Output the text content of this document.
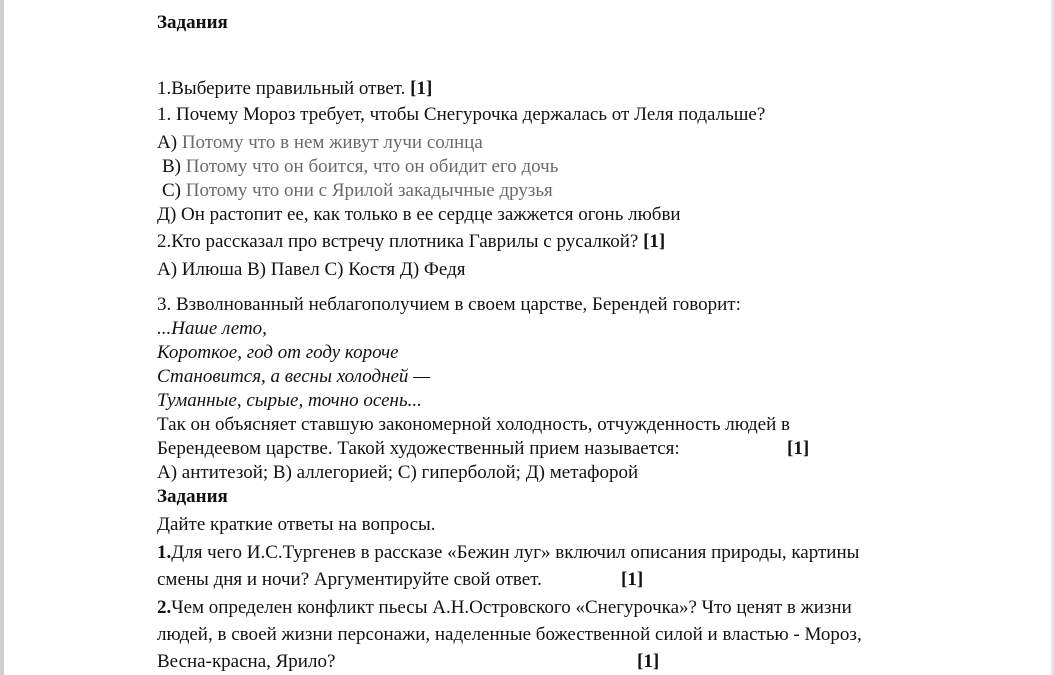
Задания
1.Выберите правильный ответ. [1]
1. Почему Мороз требует, чтобы Снегурочка держалась от Леля подальше?
А) Потому что в нем живут лучи солнца
В) Потому что он боится, что он обидит его дочь
С) Потому что они с Ярилой закадычные друзья
Д) Он растопит ее, как только в ее сердце зажжется огонь любви
2.Кто рассказал про встречу плотника Гаврилы с русалкой? [1]
А) Илюша В) Павел С) Костя Д) Федя
3. Взволнованный неблагополучием в своем царстве, Берендей говорит:
...Наше лето,
Короткое, год от году короче
Становится, а весны холодней —
Туманные, сырые, точно осень...
Так он объясняет ставшую закономерной холодность, отчужденность людей в
Берендеевом царстве. Такой художественный прием называется:	[1]
А) антитезой; В) аллегорией; С) гиперболой; Д) метафорой
Задания
Дайте краткие ответы на вопросы.
1.Для чего И.С.Тургенев в рассказе «Бежин луг» включил описания природы, картины
смены дня и ночи? Аргументируйте свой ответ.	[1]
2.Чем определен конфликт пьесы А.Н.Островского «Снегурочка»? Что ценят в жизни
людей, в своей жизни персонажи, наделенные божественной силой и властью - Мороз,
Весна-красна, Ярило?	[1]
